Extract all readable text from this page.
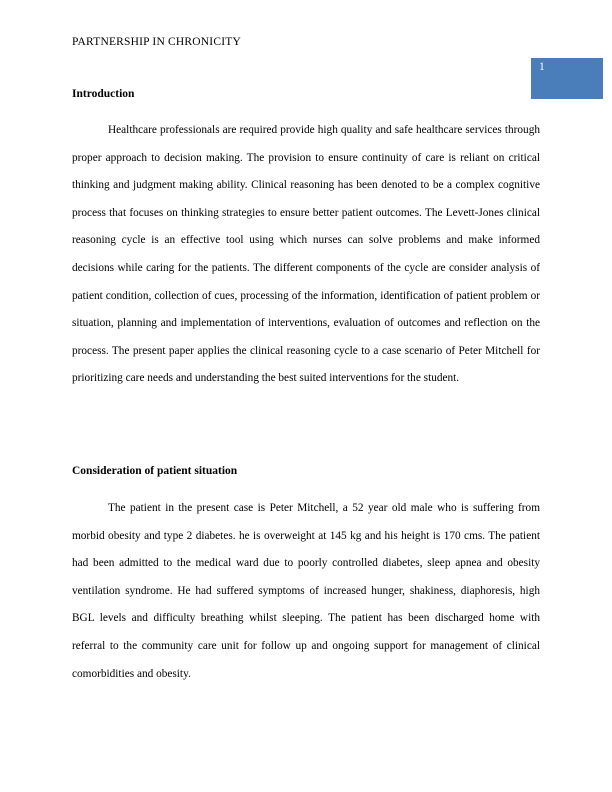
PARTNERSHIP IN CHRONICITY
1
Introduction

Healthcare professionals are required provide high quality and safe healthcare services through proper approach to decision making. The provision to ensure continuity of care is reliant on critical thinking and judgment making ability. Clinical reasoning has been denoted to be a complex cognitive process that focuses on thinking strategies to ensure better patient outcomes. The Levett-Jones clinical reasoning cycle is an effective tool using which nurses can solve problems and make informed decisions while caring for the patients. The different components of the cycle are consider analysis of patient condition, collection of cues, processing of the information, identification of patient problem or situation, planning and implementation of interventions, evaluation of outcomes and reflection on the process. The present paper applies the clinical reasoning cycle to a case scenario of Peter Mitchell for prioritizing care needs and understanding the best suited interventions for the student.

Consideration of patient situation

The patient in the present case is Peter Mitchell, a 52 year old male who is suffering from morbid obesity and type 2 diabetes. he is overweight at 145 kg and his height is 170 cms. The patient had been admitted to the medical ward due to poorly controlled diabetes, sleep apnea and obesity ventilation syndrome. He had suffered symptoms of increased hunger, shakiness, diaphoresis, high BGL levels and difficulty breathing whilst sleeping. The patient has been discharged home with referral to the community care unit for follow up and ongoing support for management of clinical comorbidities and obesity.
